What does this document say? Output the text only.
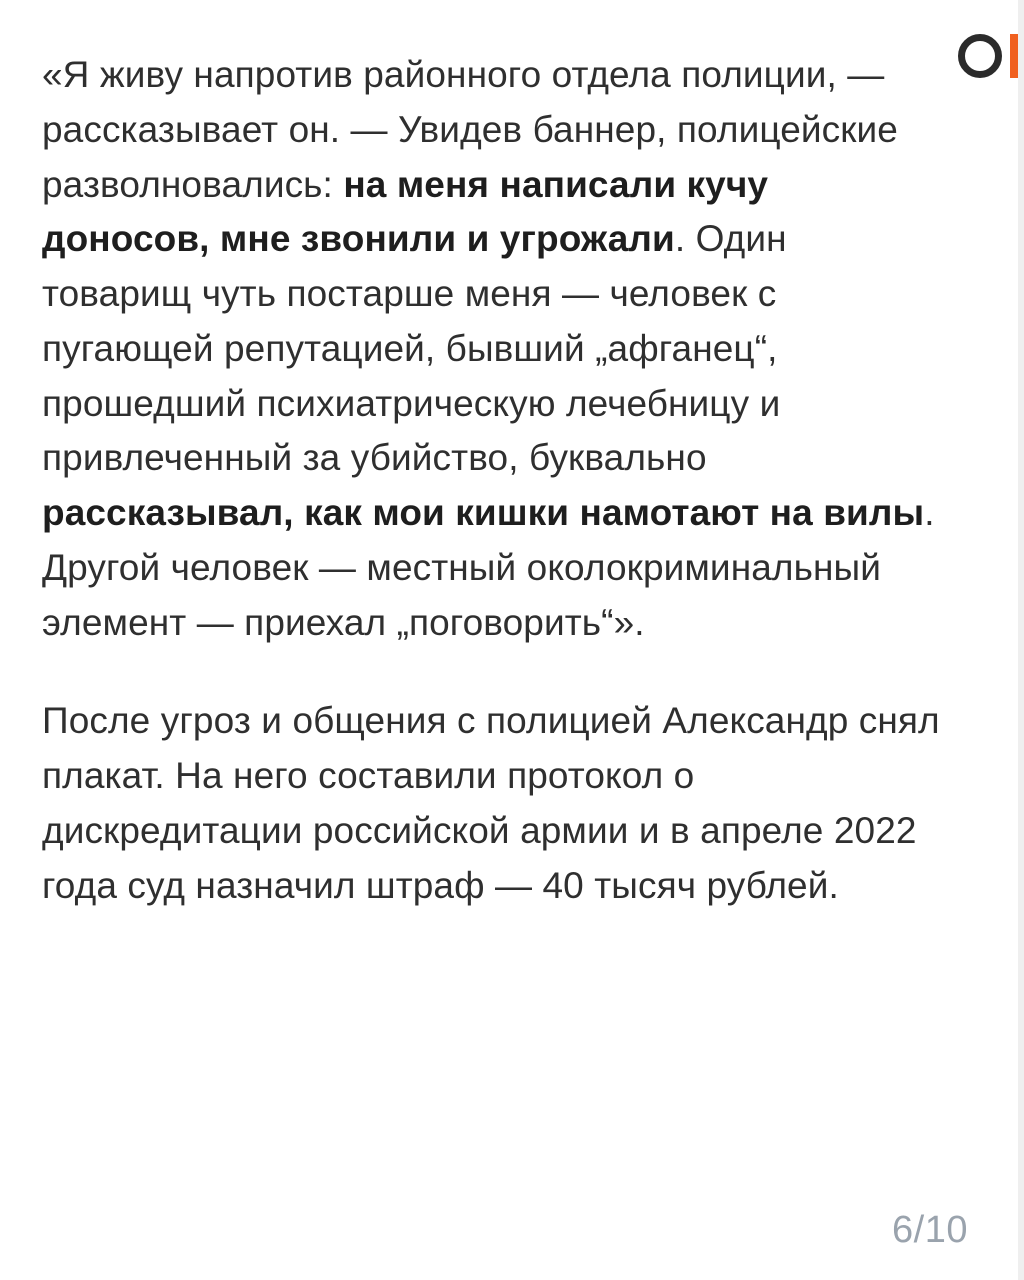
«Я живу напротив районного отдела полиции, — рассказывает он. — Увидев баннер, полицейские разволновались: на меня написали кучу доносов, мне звонили и угрожали. Один товарищ чуть постарше меня — человек с пугающей репутацией, бывший „афганец“, прошедший психиатрическую лечебницу и привлеченный за убийство, буквально рассказывал, как мои кишки намотают на вилы. Другой человек — местный околокриминальный элемент — приехал „поговорить“».

После угроз и общения с полицией Александр снял плакат. На него составили протокол о дискредитации российской армии и в апреле 2022 года суд назначил штраф — 40 тысяч рублей.

6/10
